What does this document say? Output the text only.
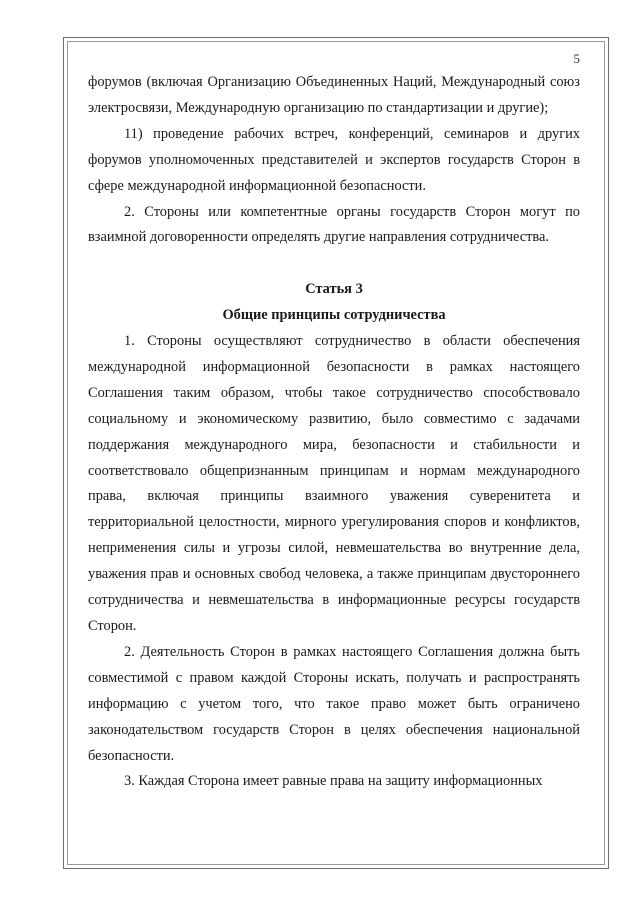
5

форумов (включая Организацию Объединенных Наций, Международный союз электросвязи, Международную организацию по стандартизации и другие);

11) проведение рабочих встреч, конференций, семинаров и других форумов уполномоченных представителей и экспертов государств Сторон в сфере международной информационной безопасности.

2. Стороны или компетентные органы государств Сторон могут по взаимной договоренности определять другие направления сотрудничества.

Статья 3

Общие принципы сотрудничества

1. Стороны осуществляют сотрудничество в области обеспечения международной информационной безопасности в рамках настоящего Соглашения таким образом, чтобы такое сотрудничество способствовало социальному и экономическому развитию, было совместимо с задачами поддержания международного мира, безопасности и стабильности и соответствовало общепризнанным принципам и нормам международного права, включая принципы взаимного уважения суверенитета и территориальной целостности, мирного урегулирования споров и конфликтов, неприменения силы и угрозы силой, невмешательства во внутренние дела, уважения прав и основных свобод человека, а также принципам двустороннего сотрудничества и невмешательства в информационные ресурсы государств Сторон.

2. Деятельность Сторон в рамках настоящего Соглашения должна быть совместимой с правом каждой Стороны искать, получать и распространять информацию с учетом того, что такое право может быть ограничено законодательством государств Сторон в целях обеспечения национальной безопасности.

3. Каждая Сторона имеет равные права на защиту информационных
